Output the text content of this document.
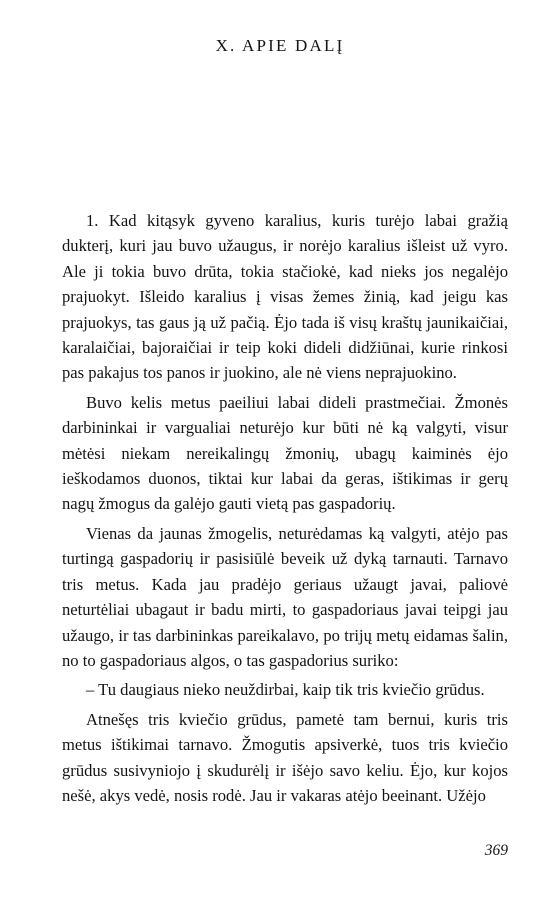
X. APIE DALĮ

1. Kad kitąsyk gyveno karalius, kuris turėjo labai gražią dukterį, kuri jau buvo užaugus, ir norėjo karalius išleist už vyro. Ale ji tokia buvo drūta, tokia stačiokė, kad nieks jos negalėjo prajuokyt. Išleido karalius į visas žemes žinią, kad jeigu kas prajuokys, tas gaus ją už pačią. Ėjo tada iš visų kraštų jaunikaičiai, karalaičiai, bajoraičiai ir teip koki dideli didžiūnai, kurie rinkosi pas pakajus tos panos ir juokino, ale nė viens neprajuokino.

Buvo kelis metus paeiliui labai dideli prastmečiai. Žmonės darbininkai ir vargualiai neturėjo kur būti nė ką valgyti, visur mėtėsi niekam nereikalingų žmonių, ubagų kaiminės ėjo ieškodamos duonos, tiktai kur labai da geras, ištikimas ir gerų nagų žmogus da galėjo gauti vietą pas gaspadorių.

Vienas da jaunas žmogelis, neturėdamas ką valgyti, atėjo pas turtingą gaspadorių ir pasisiūlė beveik už dyką tarnauti. Tarnavo tris metus. Kada jau pradėjo geriaus užaugt javai, paliovė neturtėliai ubagaut ir badu mirti, to gaspadoriaus javai teipgi jau užaugo, ir tas darbininkas pareikalavo, po trijų metų eidamas šalin, no to gaspadoriaus algos, o tas gaspadorius suriko:

– Tu daugiaus nieko neuždirbai, kaip tik tris kviečio grūdus.

Atnešęs tris kviečio grūdus, pametė tam bernui, kuris tris metus ištikimai tarnavo. Žmogutis apsiverkė, tuos tris kviečio grūdus susivyniojo į skudurėlį ir išėjo savo keliu. Ėjo, kur kojos nešė, akys vedė, nosis rodė. Jau ir vakaras atėjo beeinant. Užėjo

369
